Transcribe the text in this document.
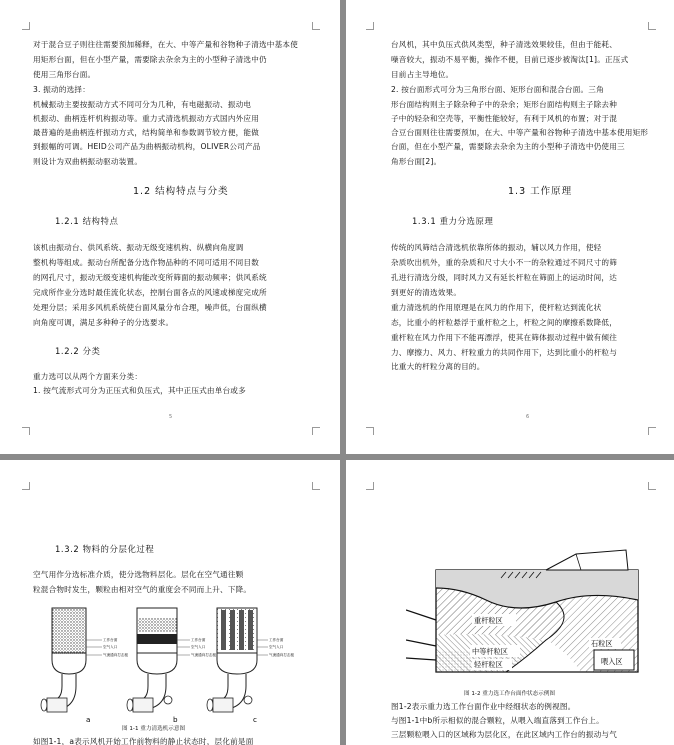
对于混合豆子则往往需要预加稀释，在大、中等产量和谷物种子清选中基本使
用矩形台面，但在小型产量，需要除去杂余为主的小型种子清选中仍
使用三角形台面。
3. 振动的选择：
机械振动主要按振动方式不同可分为几种，有电磁振动、振动电
机振动、曲柄连杆机构振动等。重力式清选机振动方式国内外应用
最普遍的是曲柄连杆振动方式，结构简单和参数调节较方便，能做
到振幅的可调。HEID公司产品为曲柄振动机构，OLIVER公司产品
则设计为双曲柄振动驱动装置。
1.2 结构特点与分类
1.2.1 结构特点
该机由振动台、供风系统、振动无级变速机构、纵横向角度调
整机构等组成。振动台所配备分选作物品种的不同可适用不同目数
的网孔尺寸，振动无级变速机构能改变所筛面的振动频率；供风系统
完成所作业分选时最佳流化状态，控制台面各点的风速或梯度完成所
处理分层；采用多风机系统使台面风量分布合理，噪声低，台面纵横
向角度可调，满足多种种子的分选要求。
1.2.2 分类
重力选可以从两个方面来分类：
1. 按气流形式可分为正压式和负压式，其中正压式由单台或多
5
台风机，其中负压式供风类型，种子清选效果较佳，但由于能耗、
噪音较大，振动不易平衡，操作不便，目前已逐步被淘汰[1]。正压式
目前占主导地位。
2. 按台面形式可分为三角形台面、矩形台面和混合台面。三角
形台面结构则主子除杂种子中的杂余；矩形台面结构则主子除去种
子中的轻杂和空壳等，平衡性能较好，有利于风机的布置；对于混
合豆台面则往往需要预加，在大、中等产量和谷物种子清选中基本使用矩形
台面，但在小型产量，需要除去杂余为主的小型种子清选中仍使用三
角形台面[2]。
1.3 工作原理
1.3.1 重力分选原理
传统的风筛结合清选机依靠所体的振动，辅以风力作用，使轻
杂质吹出机外，重的杂质和尺寸大小不一的杂粒通过不同尺寸的筛
孔进行清选分级，同时风力又有延长杆粒在筛面上的运动时间，达
到更好的清选效果。
重力清选机的作用原理是在风力的作用下，使杆粒达到流化状
态，比重小的杆粒悬浮于重杆粒之上，杆粒之间的摩擦系数降低，
重杆粒在风力作用下不能再漂浮，使其在筛体振动过程中做有倾往
力、摩擦力、风力、杆粒重力的共同作用下，达到比重小的杆粒与
比重大的杆粒分离的目的。
6
1.3.2 物料的分层化过程
空气用作分选标准介质，使分选物料层化。层化在空气通往颗
粒混合物时发生，颗粒由相对空气的重度会不同而上升、下降。
工作台面
空气入口
气流通向打击板
工作台面
空气入口
气流通向打击板
工作台面
空气入口
气流通向打击板
a	b	c
图 1-1 重力清选机示意图
如图1-1，a表示风机开始工作前物料的静止状态时，层化前是面
重杆粒区
中等杆粒区
轻杆粒区
石粒区
喂入区
图 1-2 重力选工作台面作状态示例图
图1-2表示重力选工作台面作业中经细状态的例视图。
与图1-1中b所示相似的混合颗粒，从喂入端直落到工作台上。
三层颗粒喂入口的区域称为层化区，在此区域内工作台的振动与气
